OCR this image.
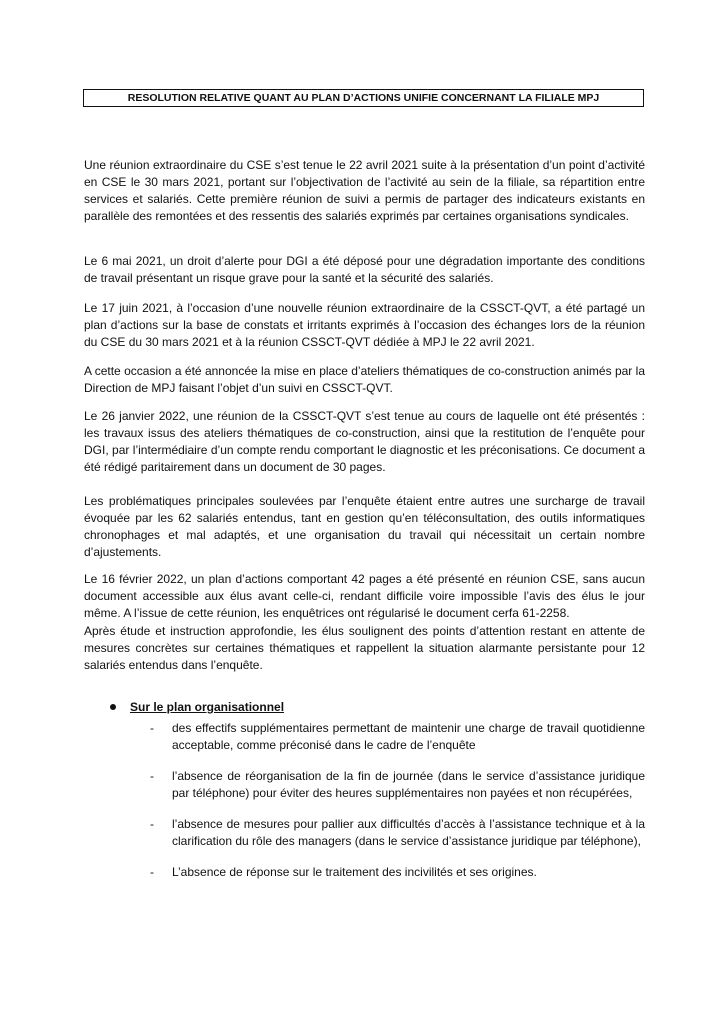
RESOLUTION RELATIVE QUANT AU PLAN D’ACTIONS UNIFIE CONCERNANT LA FILIALE MPJ

Une réunion extraordinaire du CSE s’est tenue le 22 avril 2021 suite à la présentation d’un point d’activité en CSE le 30 mars 2021, portant sur l’objectivation de l’activité au sein de la filiale, sa répartition entre services et salariés. Cette première réunion de suivi a permis de partager des indicateurs existants en parallèle des remontées et des ressentis des salariés exprimés par certaines organisations syndicales.

Le 6 mai 2021, un droit d’alerte pour DGI a été déposé pour une dégradation importante des conditions de travail présentant un risque grave pour la santé et la sécurité des salariés.

Le 17 juin 2021, à l’occasion d’une nouvelle réunion extraordinaire de la CSSCT-QVT, a été partagé un plan d’actions sur la base de constats et irritants exprimés à l’occasion des échanges lors de la réunion du CSE du 30 mars 2021 et à la réunion CSSCT-QVT dédiée à MPJ le 22 avril 2021.

A cette occasion a été annoncée la mise en place d’ateliers thématiques de co-construction animés par la Direction de MPJ faisant l’objet d’un suivi en CSSCT-QVT.

Le 26 janvier 2022, une réunion de la CSSCT-QVT s’est tenue au cours de laquelle ont été présentés : les travaux issus des ateliers thématiques de co-construction, ainsi que la restitution de l’enquête pour DGI, par l’intermédiaire d’un compte rendu comportant le diagnostic et les préconisations. Ce document a été rédigé paritairement dans un document de 30 pages.

Les problématiques principales soulevées par l’enquête étaient entre autres une surcharge de travail évoquée par les 62 salariés entendus, tant en gestion qu’en téléconsultation, des outils informatiques chronophages et mal adaptés, et une organisation du travail qui nécessitait un certain nombre d’ajustements.

Le 16 février 2022, un plan d’actions comportant 42 pages a été présenté en réunion CSE, sans aucun document accessible aux élus avant celle-ci, rendant difficile voire impossible l’avis des élus le jour même. A l’issue de cette réunion, les enquêtrices ont régularisé le document cerfa 61-2258.

Après étude et instruction approfondie, les élus soulignent des points d’attention restant en attente de mesures concrètes sur certaines thématiques et rappellent la situation alarmante persistante pour 12 salariés entendus dans l’enquête.

Sur le plan organisationnel
-	des effectifs supplémentaires permettant de maintenir une charge de travail quotidienne acceptable, comme préconisé dans le cadre de l’enquête
-	l’absence de réorganisation de la fin de journée (dans le service d’assistance juridique par téléphone) pour éviter des heures supplémentaires non payées et non récupérées,
-	l’absence de mesures pour pallier aux difficultés d’accès à l’assistance technique et à la clarification du rôle des managers (dans le service d’assistance juridique par téléphone),
-	L’absence de réponse sur le traitement des incivilités et ses origines.
